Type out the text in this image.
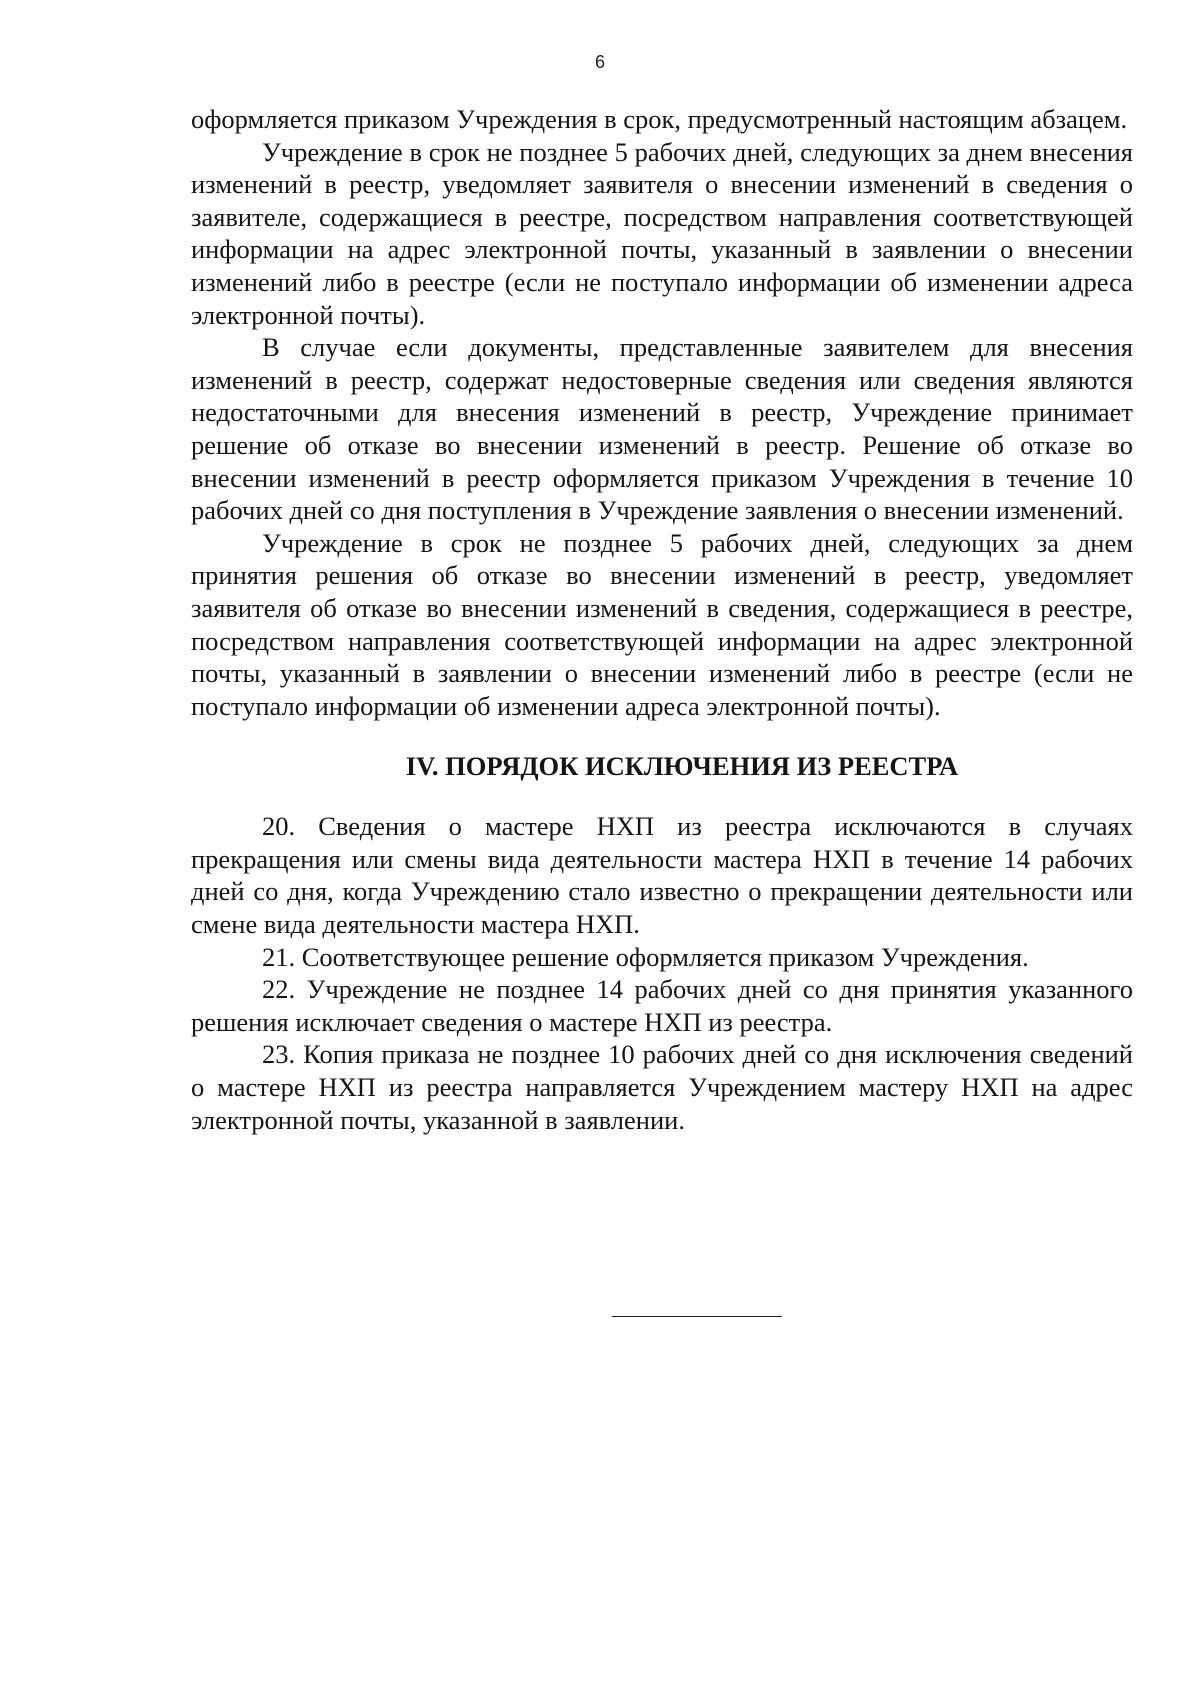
6

оформляется приказом Учреждения в срок, предусмотренный настоящим абзацем.

Учреждение в срок не позднее 5 рабочих дней, следующих за днем внесения изменений в реестр, уведомляет заявителя о внесении изменений в сведения о заявителе, содержащиеся в реестре, посредством направления соответствующей информации на адрес электронной почты, указанный в заявлении о внесении изменений либо в реестре (если не поступало информации об изменении адреса электронной почты).

В случае если документы, представленные заявителем для внесения изменений в реестр, содержат недостоверные сведения или сведения являются недостаточными для внесения изменений в реестр, Учреждение принимает решение об отказе во внесении изменений в реестр. Решение об отказе во внесении изменений в реестр оформляется приказом Учреждения в течение 10 рабочих дней со дня поступления в Учреждение заявления о внесении изменений.

Учреждение в срок не позднее 5 рабочих дней, следующих за днем принятия решения об отказе во внесении изменений в реестр, уведомляет заявителя об отказе во внесении изменений в сведения, содержащиеся в реестре, посредством направления соответствующей информации на адрес электронной почты, указанный в заявлении о внесении изменений либо в реестре (если не поступало информации об изменении адреса электронной почты).

IV. ПОРЯДОК ИСКЛЮЧЕНИЯ ИЗ РЕЕСТРА

20. Сведения о мастере НХП из реестра исключаются в случаях прекращения или смены вида деятельности мастера НХП в течение 14 рабочих дней со дня, когда Учреждению стало известно о прекращении деятельности или смене вида деятельности мастера НХП.

21. Соответствующее решение оформляется приказом Учреждения.

22. Учреждение не позднее 14 рабочих дней со дня принятия указанного решения исключает сведения о мастере НХП из реестра.

23. Копия приказа не позднее 10 рабочих дней со дня исключения сведений о мастере НХП из реестра направляется Учреждением мастеру НХП на адрес электронной почты, указанной в заявлении.
